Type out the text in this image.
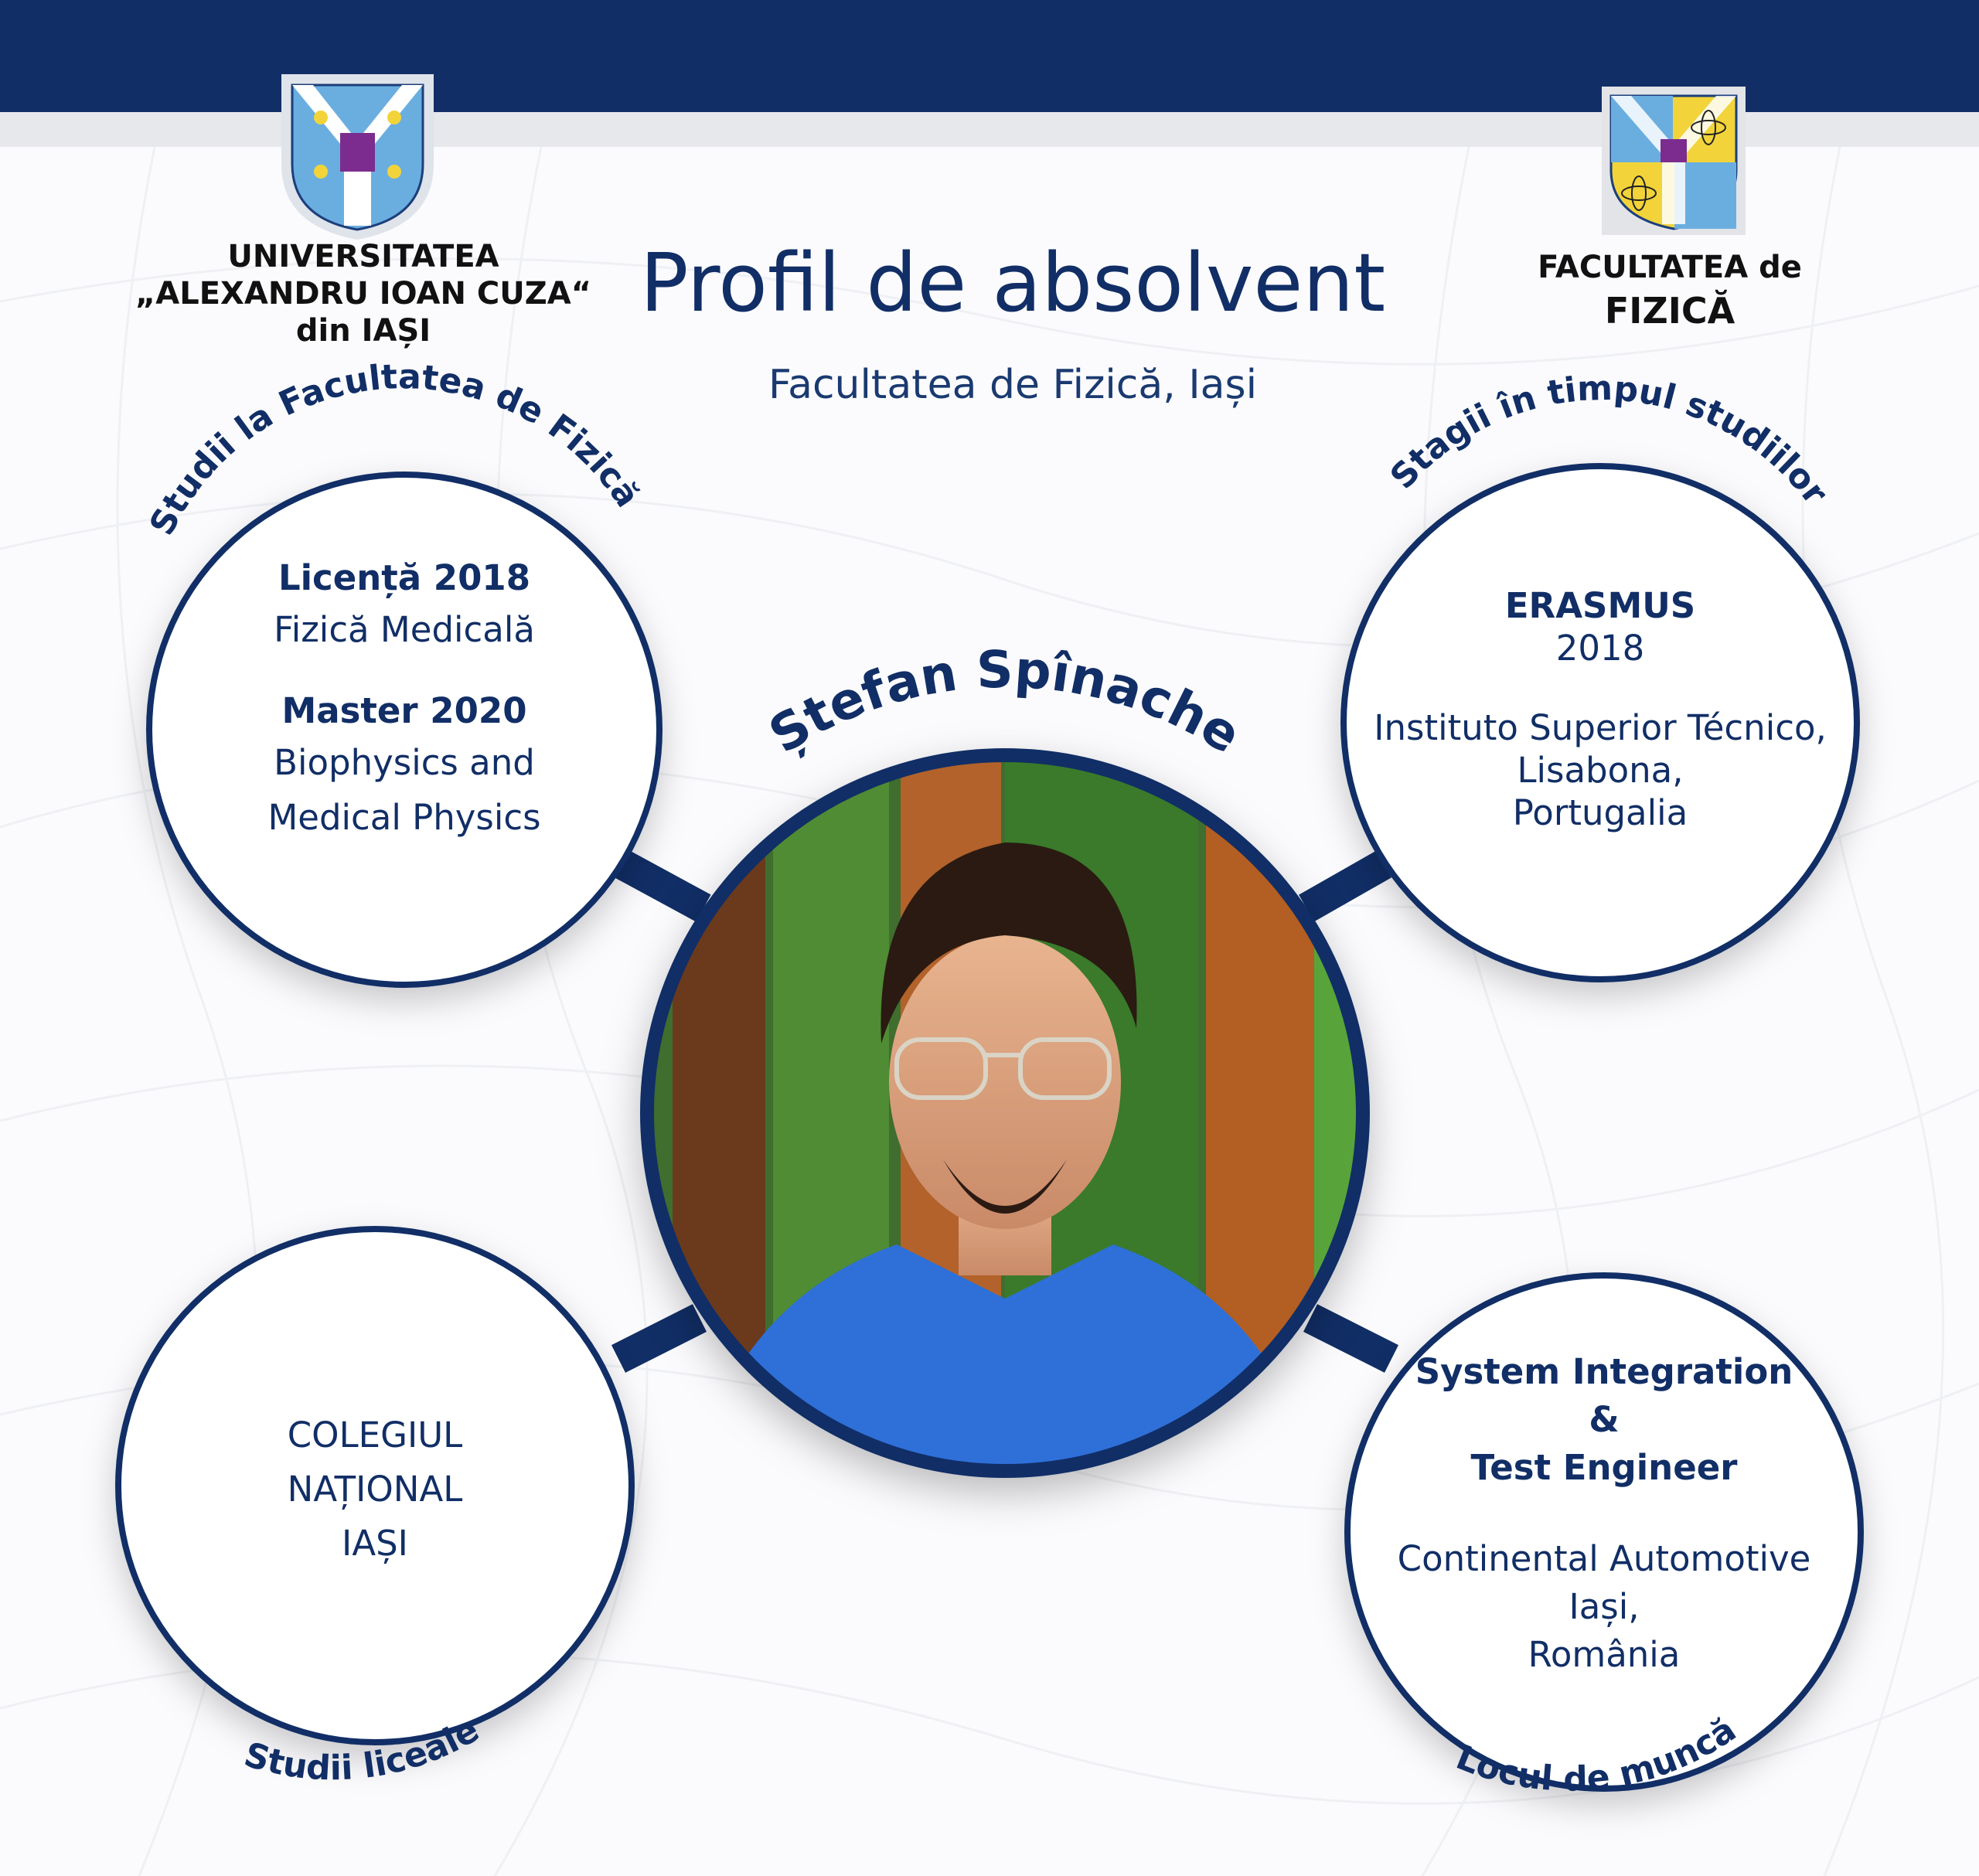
UNIVERSITATEA
„ALEXANDRU IOAN CUZA“
din IAȘI
FACULTATEA de
FIZICĂ
Profil de absolvent
Facultatea de Fizică, Iași
Studii la Facultatea de Fizică	Stagii în timpul studiilor
Studii liceale
Locul de muncă
Ștefan Spînache
Licență 2018
Fizică Medicală
Master 2020
Biophysics and
Medical Physics
ERASMUS
2018
Instituto Superior Técnico,
Lisabona,
Portugalia
COLEGIUL
NAȚIONAL
IAȘI
System Integration
&
Test Engineer
Continental Automotive
Iași,
România
